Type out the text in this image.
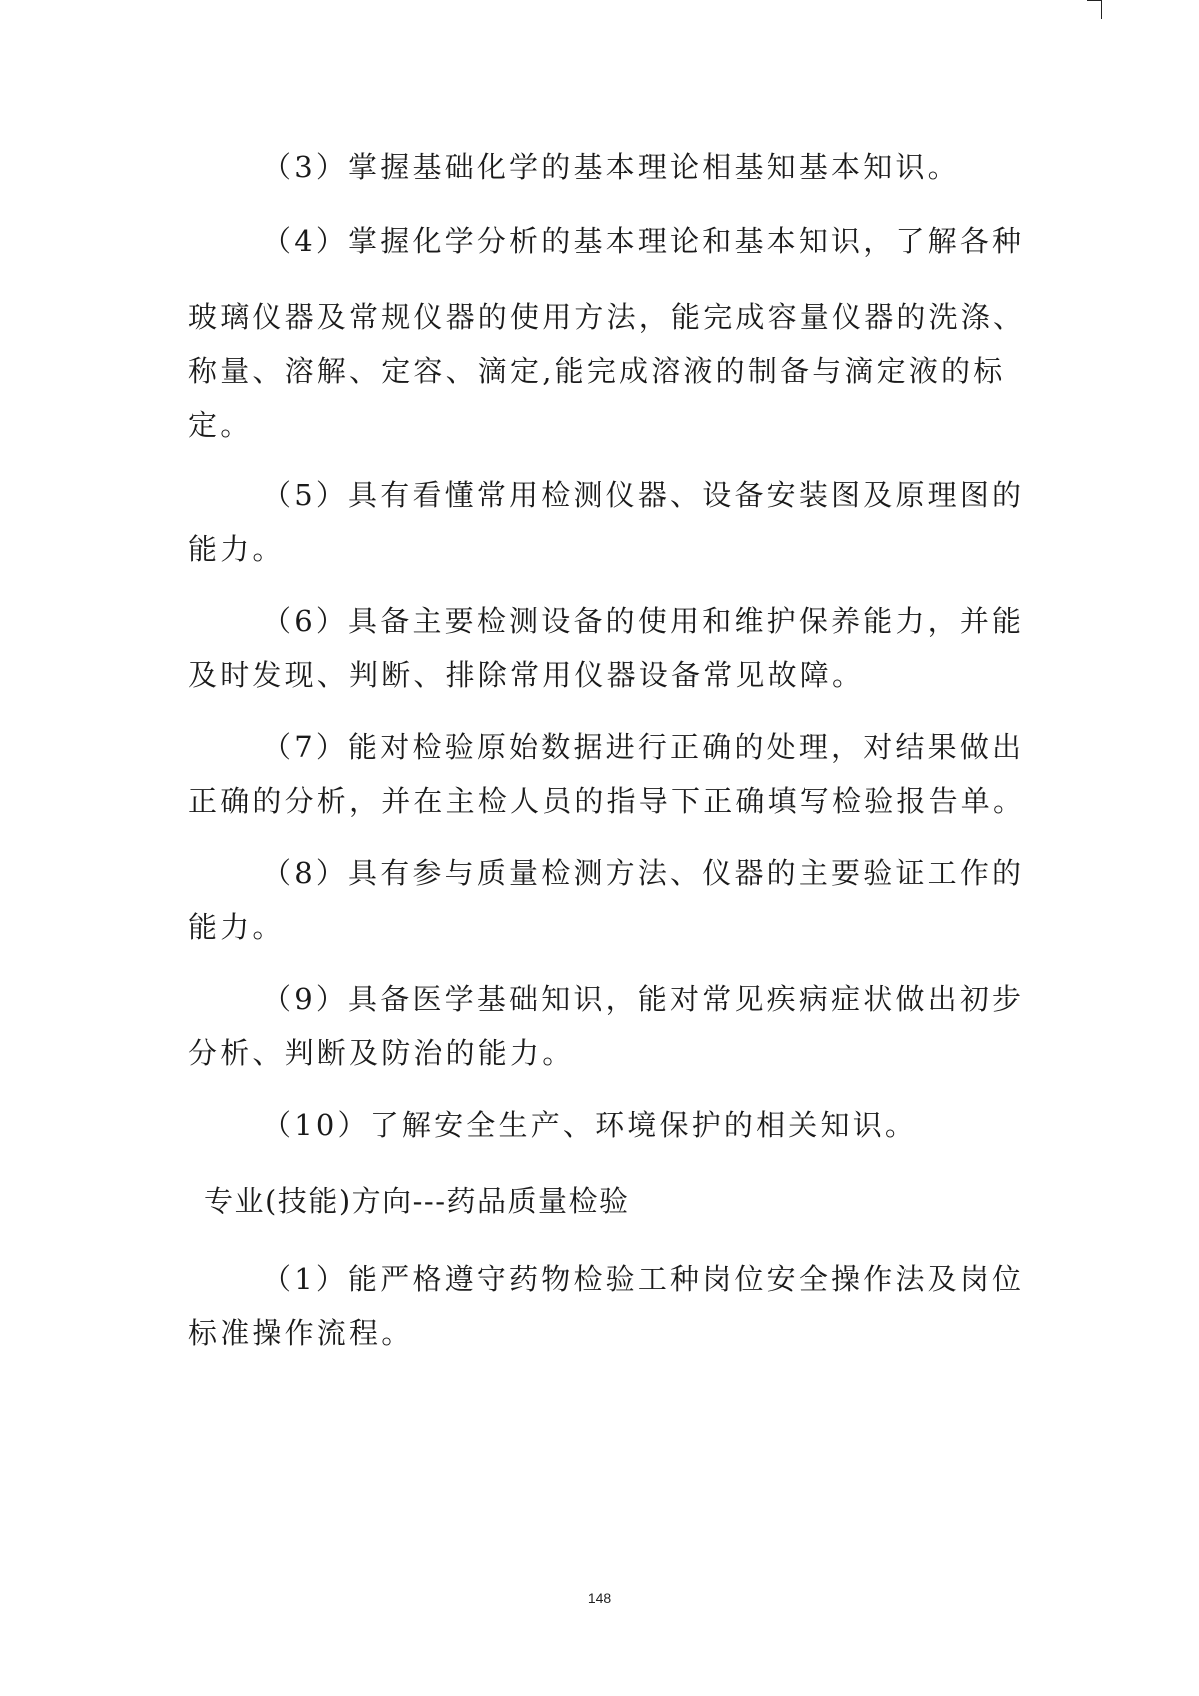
（3）掌握基础化学的基本理论相基知基本知识。

（4）掌握化学分析的基本理论和基本知识，了解各种

玻璃仪器及常规仪器的使用方法，能完成容量仪器的洗涤、
称量、溶解、定容、滴定,能完成溶液的制备与滴定液的标
定。

（5）具有看懂常用检测仪器、设备安装图及原理图的
能力。

（6）具备主要检测设备的使用和维护保养能力，并能
及时发现、判断、排除常用仪器设备常见故障。

（7）能对检验原始数据进行正确的处理，对结果做出
正确的分析，并在主检人员的指导下正确填写检验报告单。

（8）具有参与质量检测方法、仪器的主要验证工作的
能力。

（9）具备医学基础知识，能对常见疾病症状做出初步
分析、判断及防治的能力。

（10）了解安全生产、环境保护的相关知识。

专业(技能)方向---药品质量检验

（1）能严格遵守药物检验工种岗位安全操作法及岗位
标准操作流程。

148
